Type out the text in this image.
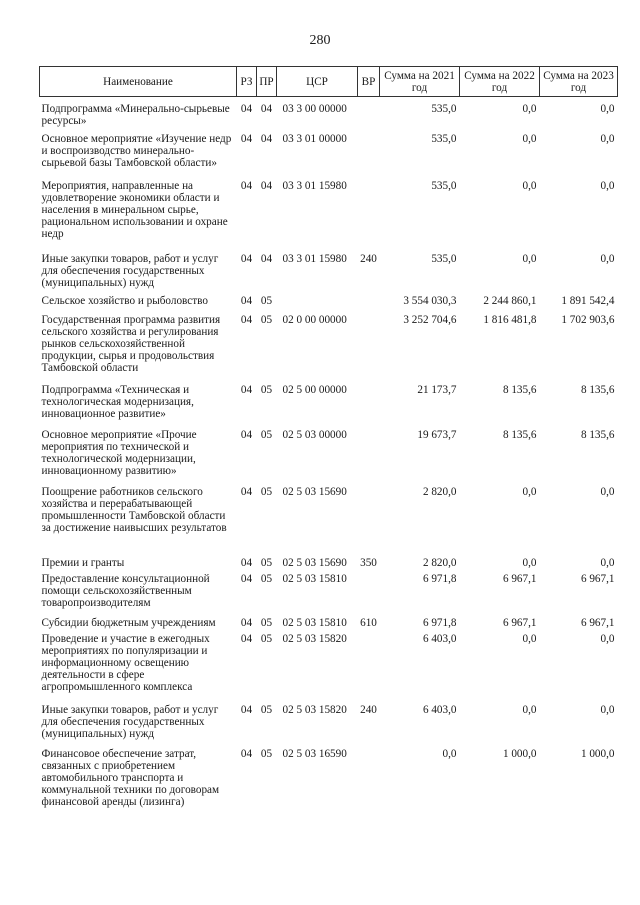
280
Наименование	РЗ	ПР	ЦСР	ВР	Сумма на 2021 год	Сумма на 2022 год	Сумма на 2023 год
Подпрограмма «Минерально-сырьевые ресурсы»	04	04	03 3 00 00000		535,0	0,0	0,0
Основное мероприятие «Изучение недр и воспроизводство минерально-сырьевой базы Тамбовской области»	04	04	03 3 01 00000		535,0	0,0	0,0
Мероприятия, направленные на удовлетворение экономики области и населения в минеральном сырье, рациональном использовании и охране недр	04	04	03 3 01 15980		535,0	0,0	0,0
Иные закупки товаров, работ и услуг для обеспечения государственных (муниципальных) нужд	04	04	03 3 01 15980	240	535,0	0,0	0,0
Сельское хозяйство и рыболовство	04	05			3 554 030,3	2 244 860,1	1 891 542,4
Государственная программа развития сельского хозяйства и регулирования рынков сельскохозяйственной продукции, сырья и продовольствия Тамбовской области	04	05	02 0 00 00000		3 252 704,6	1 816 481,8	1 702 903,6
Подпрограмма «Техническая и технологическая модернизация, инновационное развитие»	04	05	02 5 00 00000		21 173,7	8 135,6	8 135,6
Основное мероприятие «Прочие мероприятия по технической и технологической модернизации, инновационному развитию»	04	05	02 5 03 00000		19 673,7	8 135,6	8 135,6
Поощрение работников сельского хозяйства и перерабатывающей промышленности Тамбовской области за достижение наивысших результатов	04	05	02 5 03 15690		2 820,0	0,0	0,0
Премии и гранты	04	05	02 5 03 15690	350	2 820,0	0,0	0,0
Предоставление консультационной помощи сельскохозяйственным товаропроизводителям	04	05	02 5 03 15810		6 971,8	6 967,1	6 967,1
Субсидии бюджетным учреждениям	04	05	02 5 03 15810	610	6 971,8	6 967,1	6 967,1
Проведение и участие в ежегодных мероприятиях по популяризации и информационному освещению деятельности в сфере агропромышленного комплекса	04	05	02 5 03 15820		6 403,0	0,0	0,0
Иные закупки товаров, работ и услуг для обеспечения государственных (муниципальных) нужд	04	05	02 5 03 15820	240	6 403,0	0,0	0,0
Финансовое обеспечение затрат, связанных с приобретением автомобильного транспорта и коммунальной техники по договорам финансовой аренды (лизинга)	04	05	02 5 03 16590		0,0	1 000,0	1 000,0
